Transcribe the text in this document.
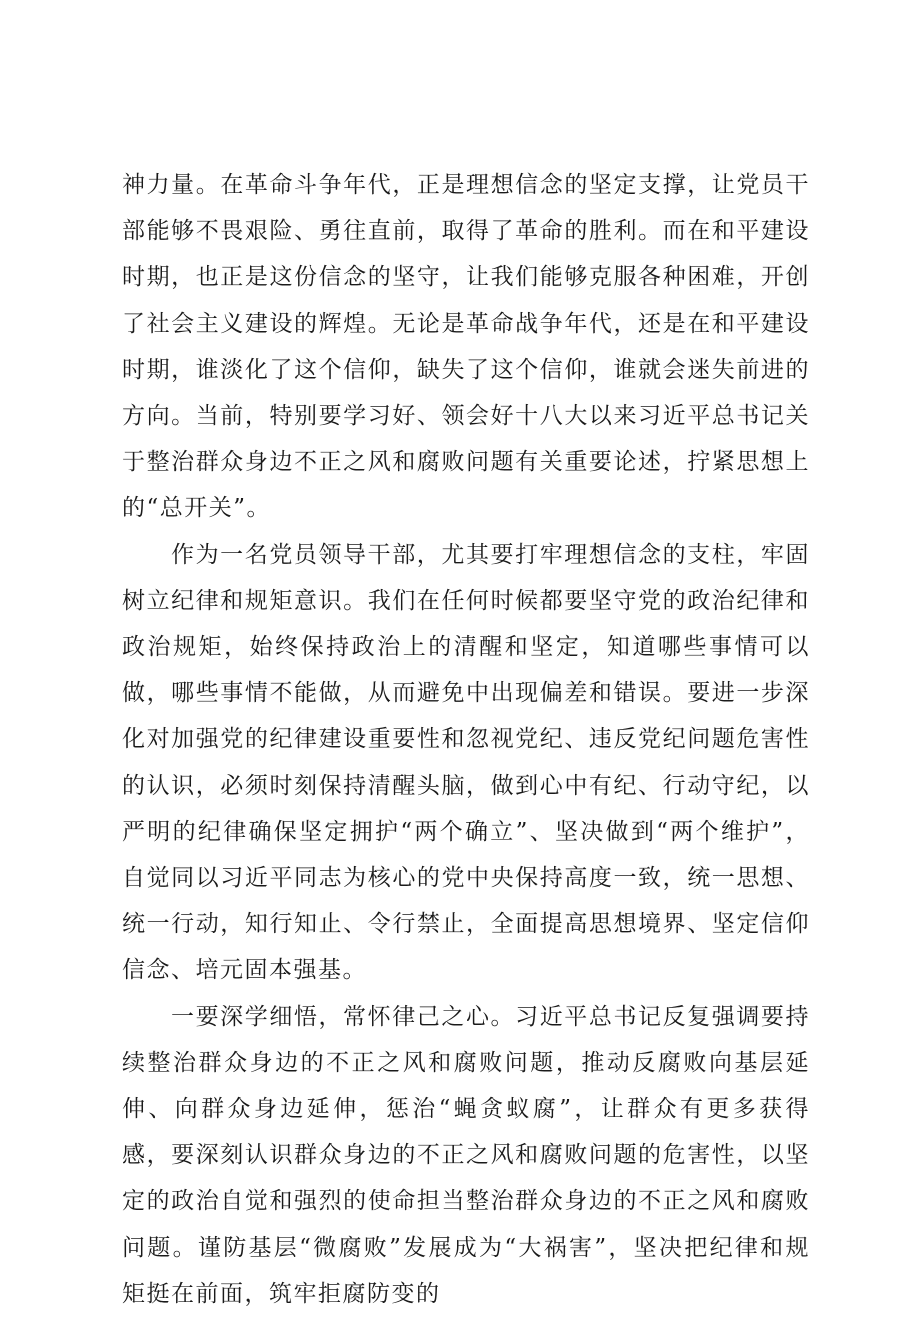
神力量。在革命斗争年代，正是理想信念的坚定支撑，让党员干部能够不畏艰险、勇往直前，取得了革命的胜利。而在和平建设时期，也正是这份信念的坚守，让我们能够克服各种困难，开创了社会主义建设的辉煌。无论是革命战争年代，还是在和平建设时期，谁淡化了这个信仰，缺失了这个信仰，谁就会迷失前进的方向。当前，特别要学习好、领会好十八大以来习近平总书记关于整治群众身边不正之风和腐败问题有关重要论述，拧紧思想上的“总开关”。

作为一名党员领导干部，尤其要打牢理想信念的支柱，牢固树立纪律和规矩意识。我们在任何时候都要坚守党的政治纪律和政治规矩，始终保持政治上的清醒和坚定，知道哪些事情可以做，哪些事情不能做，从而避免中出现偏差和错误。要进一步深化对加强党的纪律建设重要性和忽视党纪、违反党纪问题危害性的认识，必须时刻保持清醒头脑，做到心中有纪、行动守纪，以严明的纪律确保坚定拥护“两个确立”、坚决做到“两个维护”，自觉同以习近平同志为核心的党中央保持高度一致，统一思想、统一行动，知行知止、令行禁止，全面提高思想境界、坚定信仰信念、培元固本强基。

一要深学细悟，常怀律己之心。习近平总书记反复强调要持续整治群众身边的不正之风和腐败问题，推动反腐败向基层延伸、向群众身边延伸，惩治“蝇贪蚁腐”，让群众有更多获得感，要深刻认识群众身边的不正之风和腐败问题的危害性，以坚定的政治自觉和强烈的使命担当整治群众身边的不正之风和腐败问题。谨防基层“微腐败”发展成为“大祸害”，坚决把纪律和规矩挺在前面，筑牢拒腐防变的
